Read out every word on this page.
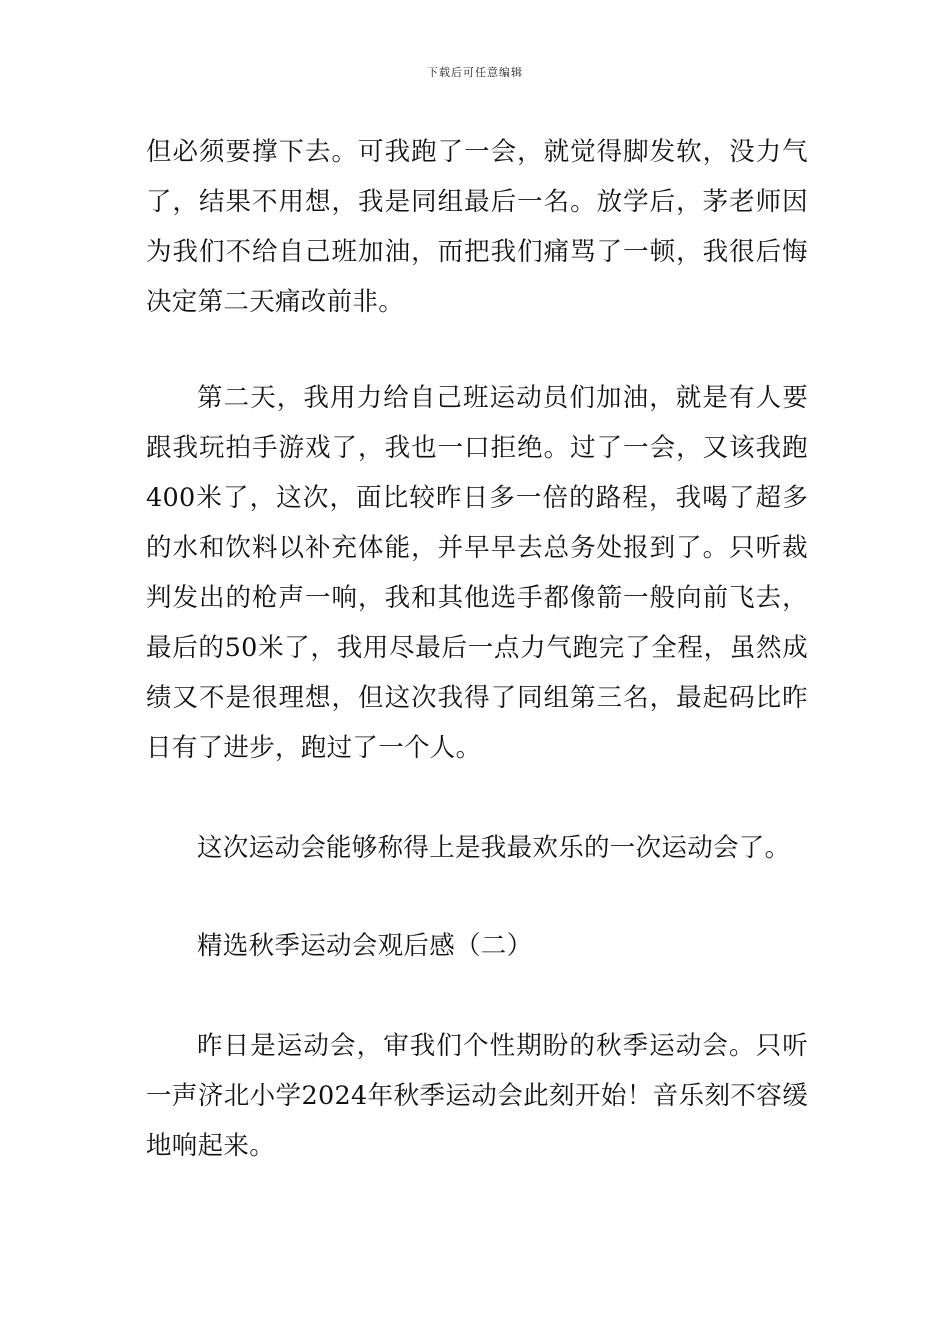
下载后可任意编辑

但必须要撑下去。可我跑了一会，就觉得脚发软，没力气了，结果不用想，我是同组最后一名。放学后，茅老师因为我们不给自己班加油，而把我们痛骂了一顿，我很后悔决定第二天痛改前非。

第二天，我用力给自己班运动员们加油，就是有人要跟我玩拍手游戏了，我也一口拒绝。过了一会，又该我跑400米了，这次，面比较昨日多一倍的路程，我喝了超多的水和饮料以补充体能，并早早去总务处报到了。只听裁判发出的枪声一响，我和其他选手都像箭一般向前飞去，最后的50米了，我用尽最后一点力气跑完了全程，虽然成绩又不是很理想，但这次我得了同组第三名，最起码比昨日有了进步，跑过了一个人。

这次运动会能够称得上是我最欢乐的一次运动会了。

精选秋季运动会观后感（二）

昨日是运动会，审我们个性期盼的秋季运动会。只听一声济北小学2024年秋季运动会此刻开始！音乐刻不容缓地响起来。
